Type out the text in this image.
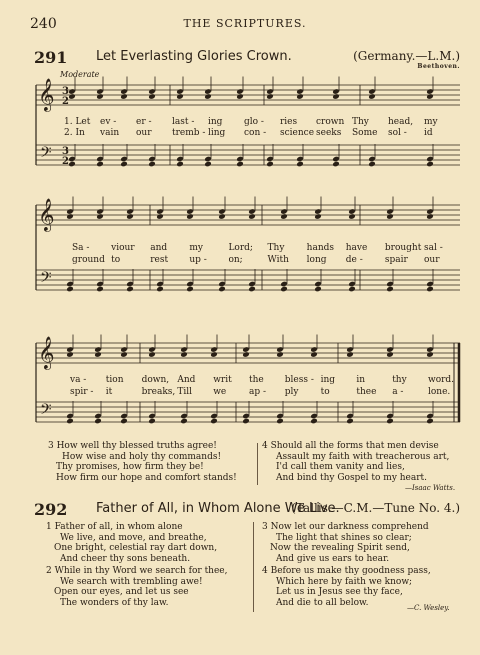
240	THE SCRIPTURES.
291 Let Everlasting Glories Crown.	(Germany.—L.M.)
Beethoven.
Moderate
𝄞
𝄢
3
2
3
2
𝄞
𝄢
𝄞
𝄢
1. Let ev - er - last - ing glo - ries crown Thy head, my
2. In vain our tremb - ling con - science seeks Some sol - id
Sa - viour and my	Lord; Thy hands have brought sal -
ground to	rest up - on;	With long de - spair our
va - tion down, And writ the bless - ing in	thy word.
spir - it	breaks, Till we	ap - ply to	thee a -	lone.
3 How well thy blessed truths agree!
How wise and holy thy commands!
Thy promises, how firm they be!
How firm our hope and comfort stands!
4 Should all the forms that men devise
Assault my faith with treacherous art,
I'd call them vanity and lies,
And bind thy Gospel to my heart.
—Isaac Watts.
292 Father of All, in Whom Alone We Live.
(Tallis.—C.M.—Tune No. 4.)
1 Father of all, in whom alone
We live, and move, and breathe,
One bright, celestial ray dart down,
And cheer thy sons beneath.
2 While in thy Word we search for thee,
We search with trembling awe!
Open our eyes, and let us see
The wonders of thy law.
3 Now let our darkness comprehend
The light that shines so clear;
Now the revealing Spirit send,
And give us ears to hear.
4 Before us make thy goodness pass,
Which here by faith we know;
Let us in Jesus see thy face,
And die to all below.
—C. Wesley.
